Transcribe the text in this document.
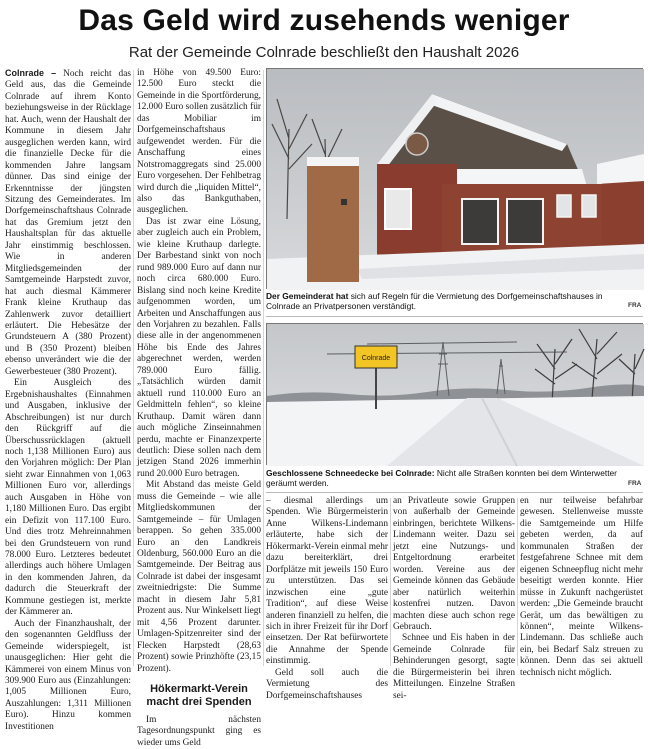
Das Geld wird zusehends weniger
Rat der Gemeinde Colnrade beschließt den Haushalt 2026

Colnrade – Noch reicht das Geld aus, das die Gemeinde Colnrade auf ihrem Konto beziehungsweise in der Rücklage hat. Auch, wenn der Haushalt der Kommune in diesem Jahr ausgeglichen werden kann, wird die finanzielle Decke für die kommenden Jahre langsam dünner. Das sind einige der Erkenntnisse der jüngsten Sitzung des Gemeinderates. Im Dorfgemeinschaftshaus Colnrade hat das Gremium jetzt den Haushaltsplan für das aktuelle Jahr einstimmig beschlossen. Wie in anderen Mitgliedsgemeinden der Samtgemeinde Harpstedt zuvor, hat auch diesmal Kämmerer Frank kleine Kruthaup das Zahlenwerk zuvor detailliert erläutert. Die Hebesätze der Grundsteuern A (380 Prozent) und B (350 Prozent) bleiben ebenso unverändert wie die der Gewerbesteuer (380 Prozent).

Ein Ausgleich des Ergebnishaushaltes (Einnahmen und Ausgaben, inklusive der Abschreibungen) ist nur durch den Rückgriff auf die Überschussrücklagen (aktuell noch 1,138 Millionen Euro) aus den Vorjahren möglich: Der Plan sieht zwar Einnahmen von 1,063 Millionen Euro vor, allerdings auch Ausgaben in Höhe von 1,180 Millionen Euro. Das ergibt ein Defizit von 117.100 Euro. Und dies trotz Mehreinnahmen bei den Grundsteuern von rund 78.000 Euro. Letzteres bedeutet allerdings auch höhere Umlagen in den kommenden Jahren, da dadurch die Steuerkraft der Kommune gestiegen ist, merkte der Kämmerer an.

Auch der Finanzhaushalt, der den sogenannten Geldfluss der Gemeinde widerspiegelt, ist unausgeglichen: Hier geht die Kämmerei von einem Minus von 309.900 Euro aus (Einzahlungen: 1,005 Millionen Euro, Auszahlungen: 1,311 Millionen Euro). Hinzu kommen Investitionen

in Höhe von 49.500 Euro: 12.500 Euro steckt die Gemeinde in die Sportförderung, 12.000 Euro sollen zusätzlich für das Mobiliar im Dorfgemeinschaftshaus aufgewendet werden. Für die Anschaffung eines Notstromaggregats sind 25.000 Euro vorgesehen. Der Fehlbetrag wird durch die „liquiden Mittel“, also das Bankguthaben, ausgeglichen.

Das ist zwar eine Lösung, aber zugleich auch ein Problem, wie kleine Kruthaup darlegte. Der Barbestand sinkt von noch rund 989.000 Euro auf dann nur noch circa 680.000 Euro. Bislang sind noch keine Kredite aufgenommen worden, um Arbeiten und Anschaffungen aus den Vorjahren zu bezahlen. Falls diese alle in der angenommenen Höhe bis Ende des Jahres abgerechnet werden, werden 789.000 Euro fällig. „Tatsächlich würden damit aktuell rund 110.000 Euro an Geldmitteln fehlen“, so kleine Kruthaup. Damit wären dann auch mögliche Zinseinnahmen perdu, machte er Finanzexperte deutlich: Diese sollen nach dem jetzigen Stand 2026 immerhin rund 20.000 Euro betragen.

Mit Abstand das meiste Geld muss die Gemeinde – wie alle Mitgliedskommunen der Samtgemeinde – für Umlagen berappen. So gehen 335.000 Euro an den Landkreis Oldenburg, 560.000 Euro an die Samtgemeinde. Der Beitrag aus Colnrade ist dabei der insgesamt zweitniedrigste: Die Summe macht in diesem Jahr 5,81 Prozent aus. Nur Winkelsett liegt mit 4,56 Prozent darunter. Umlagen-Spitzenreiter sind der Flecken Harpstedt (28,63 Prozent) sowie Prinzhöfte (23,15 Prozent).

Hökermarkt-Verein macht drei Spenden

Im nächsten Tagesordnungspunkt ging es wieder ums Geld

Der Gemeinderat hat sich auf Regeln für die Vermietung des Dorfgemeinschaftshauses in Colnrade an Privatpersonen verständigt.	FRA
Colnrade
Geschlossene Schneedecke bei Colnrade: Nicht alle Straßen konnten bei dem Winterwetter geräumt werden.	FRA

– diesmal allerdings um Spenden. Wie Bürgermeisterin Anne Wilkens-Lindemann erläuterte, habe sich der Hökermarkt-Verein einmal mehr dazu bereiterklärt, drei Dorfplätze mit jeweils 150 Euro zu unterstützen. Das sei inzwischen eine „gute Tradition“, auf diese Weise anderen finanziell zu helfen, die sich in ihrer Freizeit für ihr Dorf einsetzen. Der Rat befürwortete die Annahme der Spende einstimmig.

Geld soll auch die Vermietung des Dorfgemeinschaftshauses

an Privatleute sowie Gruppen von außerhalb der Gemeinde einbringen, berichtete Wilkens-Lindemann weiter. Dazu sei jetzt eine Nutzungs- und Entgeltordnung erarbeitet worden. Vereine aus der Gemeinde können das Gebäude aber natürlich weiterhin kostenfrei nutzen. Davon machten diese auch schon rege Gebrauch.

Schnee und Eis haben in der Gemeinde Colnrade für Behinderungen gesorgt, sagte die Bürgermeisterin bei ihren Mitteilungen. Einzelne Straßen sei-

en nur teilweise befahrbar gewesen. Stellenweise musste die Samtgemeinde um Hilfe gebeten werden, da auf kommunalen Straßen der festgefahrene Schnee mit dem eigenen Schneepflug nicht mehr beseitigt werden konnte. Hier müsse in Zukunft nachgerüstet werden: „Die Gemeinde braucht Gerät, um das bewältigen zu können“, meinte Wilkens-Lindemann. Das schließe auch ein, bei Bedarf Salz streuen zu können. Denn das sei aktuell technisch nicht möglich.
